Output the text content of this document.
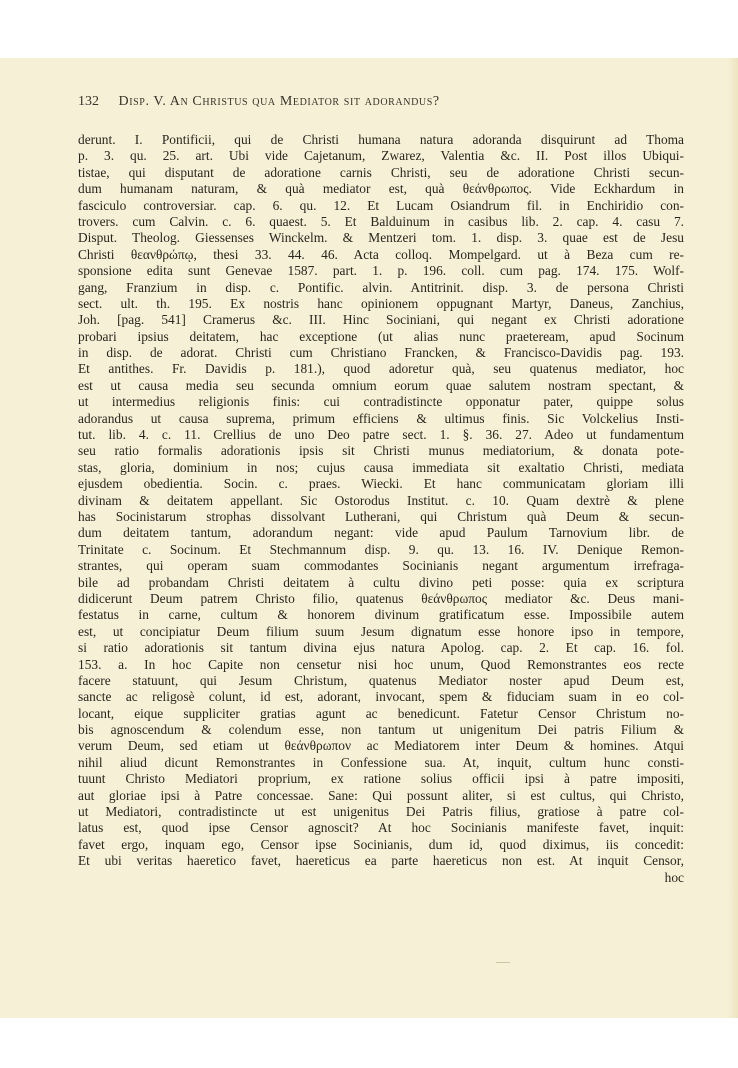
132 Disp. V. An Christus qua Mediator sit adorandus?
derunt. I. Pontificii, qui de Christi humana natura adoranda disquirunt ad Thoma
p. 3. qu. 25. art. Ubi vide Cajetanum, Zwarez, Valentia &c. II. Post illos Ubiqui-
tistae, qui disputant de adoratione carnis Christi, seu de adoratione Christi secun-
dum humanam naturam, & quà mediator est, quà θεάνθρωπος. Vide Eckhardum in
fasciculo controversiar. cap. 6. qu. 12. Et Lucam Osiandrum fil. in Enchiridio con-
trovers. cum Calvin. c. 6. quaest. 5. Et Balduinum in casibus lib. 2. cap. 4. casu 7.
Disput. Theolog. Giessenses Winckelm. & Mentzeri tom. 1. disp. 3. quae est de Jesu
Christi θεανθρώπῳ, thesi 33. 44. 46. Acta colloq. Mompelgard. ut à Beza cum re-
sponsione edita sunt Genevae 1587. part. 1. p. 196. coll. cum pag. 174. 175. Wolf-
gang, Franzium in disp. c. Pontific. alvin. Antitrinit. disp. 3. de persona Christi
sect. ult. th. 195. Ex nostris hanc opinionem oppugnant Martyr, Daneus, Zanchius,
Joh. [pag. 541] Cramerus &c. III. Hinc Sociniani, qui negant ex Christi adoratione
probari ipsius deitatem, hac exceptione (ut alias nunc praeteream, apud Socinum
in disp. de adorat. Christi cum Christiano Francken, & Francisco-Davidis pag. 193.
Et antithes. Fr. Davidis p. 181.), quod adoretur quà, seu quatenus mediator, hoc
est ut causa media seu secunda omnium eorum quae salutem nostram spectant, &
ut intermedius religionis finis: cui contradistincte opponatur pater, quippe solus
adorandus ut causa suprema, primum efficiens & ultimus finis. Sic Volckelius Insti-
tut. lib. 4. c. 11. Crellius de uno Deo patre sect. 1. §. 36. 27. Adeo ut fundamentum
seu ratio formalis adorationis ipsis sit Christi munus mediatorium, & donata pote-
stas, gloria, dominium in nos; cujus causa immediata sit exaltatio Christi, mediata
ejusdem obedientia. Socin. c. praes. Wiecki. Et hanc communicatam gloriam illi
divinam & deitatem appellant. Sic Ostorodus Institut. c. 10. Quam dextrè & plene
has Socinistarum strophas dissolvant Lutherani, qui Christum quà Deum & secun-
dum deitatem tantum, adorandum negant: vide apud Paulum Tarnovium libr. de
Trinitate c. Socinum. Et Stechmannum disp. 9. qu. 13. 16. IV. Denique Remon-
strantes, qui operam suam commodantes Socinianis negant argumentum irrefraga-
bile ad probandam Christi deitatem à cultu divino peti posse: quia ex scriptura
didicerunt Deum patrem Christo filio, quatenus θεάνθρωπος mediator &c. Deus mani-
festatus in carne, cultum & honorem divinum gratificatum esse. Impossibile autem
est, ut concipiatur Deum filium suum Jesum dignatum esse honore ipso in tempore,
si ratio adorationis sit tantum divina ejus natura Apolog. cap. 2. Et cap. 16. fol.
153. a. In hoc Capite non censetur nisi hoc unum, Quod Remonstrantes eos recte
facere statuunt, qui Jesum Christum, quatenus Mediator noster apud Deum est,
sancte ac religosè colunt, id est, adorant, invocant, spem & fiduciam suam in eo col-
locant, eique suppliciter gratias agunt ac benedicunt. Fatetur Censor Christum no-
bis agnoscendum & colendum esse, non tantum ut unigenitum Dei patris Filium &
verum Deum, sed etiam ut θεάνθρωπον ac Mediatorem inter Deum & homines. Atqui
nihil aliud dicunt Remonstrantes in Confessione sua. At, inquit, cultum hunc consti-
tuunt Christo Mediatori proprium, ex ratione solius officii ipsi à patre impositi,
aut gloriae ipsi à Patre concessae. Sane: Qui possunt aliter, si est cultus, qui Christo,
ut Mediatori, contradistincte ut est unigenitus Dei Patris filius, gratiose à patre col-
latus est, quod ipse Censor agnoscit? At hoc Socinianis manifeste favet, inquit:
favet ergo, inquam ego, Censor ipse Socinianis, dum id, quod diximus, iis concedit:
Et ubi veritas haeretico favet, haereticus ea parte haereticus non est. At inquit Censor,
hoc
